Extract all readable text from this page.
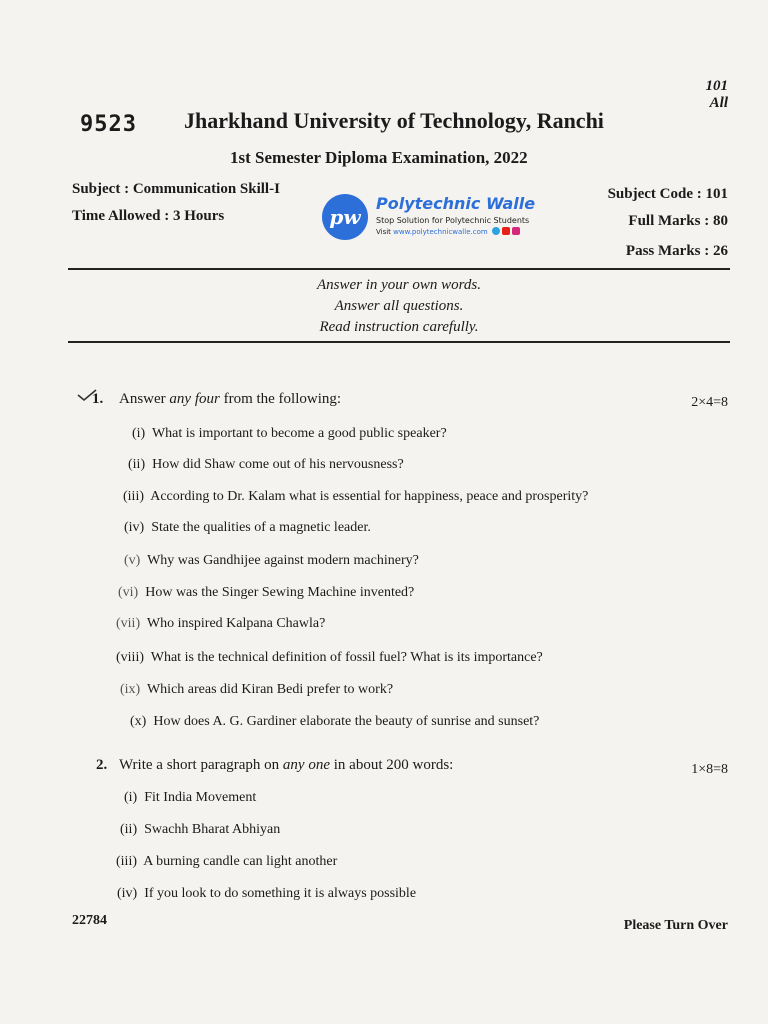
101
All
9523 Jharkhand University of Technology, Ranchi
1st Semester Diploma Examination, 2022
Subject : Communication Skill-I
Time Allowed : 3 Hours
Subject Code : 101
Full Marks : 80
Pass Marks : 26
pw
Polytechnic Walle
Stop Solution for Polytechnic Students
Visit www.polytechnicwalle.com
Answer in your own words.
Answer all questions.
Read instruction carefully.
1. Answer any four from the following:	2×4=8
(i) What is important to become a good public speaker?
(ii) How did Shaw come out of his nervousness?
(iii) According to Dr. Kalam what is essential for happiness, peace and prosperity?
(iv) State the qualities of a magnetic leader.
(v) Why was Gandhijee against modern machinery?
(vi) How was the Singer Sewing Machine invented?
(vii) Who inspired Kalpana Chawla?
(viii) What is the technical definition of fossil fuel? What is its importance?
(ix) Which areas did Kiran Bedi prefer to work?
(x) How does A. G. Gardiner elaborate the beauty of sunrise and sunset?
2. Write a short paragraph on any one in about 200 words:	1×8=8
(i) Fit India Movement
(ii) Swachh Bharat Abhiyan
(iii) A burning candle can light another
(iv) If you look to do something it is always possible
22784	Please Turn Over
